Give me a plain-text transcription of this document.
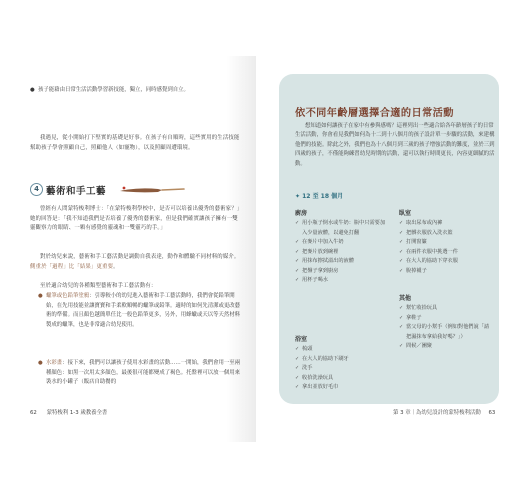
● 孩子能藉由日常生活活動學習新技能，獨立，同時感覺到自立。

我遇見，從小開始打下堅實的基礎是好事。在孩子有自順時，這些實用的生活技能幫助孩子學會照顧自己，照顧他人（如寵物），以及照顧周遭環境。

4 藝術和手工藝

曾經有人問蒙特梭利博士：「在蒙特梭利學校中，是否可以培養出優秀的藝術家？」她的回答是：「我不知道我們是否培養了優秀的藝術家，但是我們確實讓孩子擁有一雙靈觀察力的眼睛、一顆有感覺的靈魂和一雙靈巧的手。」

對於幼兒來說，藝術和手工藝活動是調動自我表達，動作和體驗不同材料的媒介。側重於「過程」比「結果」更重要。

至於適合幼兒的各種類型藝術和手工藝活動有：

● 蠟筆或色鉛筆塗鴉：引導較小的幼兒進入藝術和手工藝活動時，我們會從鉛筆開始，在先用技能並讓寶寶和手柔軟順暢的蠟筆或鉛筆。適時的如何先清潔或更改藝術的準備。而且顏色越簡單任比一般色鉛筆更多，另外，用蜂蠟或天以等天然材料製成的蠟筆，也是非常適合幼兒使用。
● 水彩畫：接下來，我們可以讓孩子使用水彩畫的活動……一開始，我們會用一至兩種顏色：如黑一次用太多顏色，最後很可能都變成了褐色。托盤裡可以放一個用來裝水的小罐子（飯店自助餐的
62 蒙特梭利 1-3 歲教養全書
依不同年齡層選擇合適的日常活動

想知道如何讓孩子在家中有參與感嗎？這裡列出一些適合給各年齡層孩子的日常生活活動，你會看見我們如何為十二到十八個月的孩子設計單一步驟的活動，來建構他們的技能。除此之外，我們也為十八個月到三歲的孩子增強活動的難度，並於三到四歲的孩子，不僅能夠練習幼兒時期的活動，還可以執行時間更長，內容更細膩的活動。

✦ 12 至 18 個月
廚房
✓ 用小瓶子倒水或牛奶：瓶中只需要加入少量液體，以避免打翻
✓ 在麥片中加入牛奶
✓ 把麥片放到碗裡
✓ 用抹布擦拭溢出的液體
✓ 把盤子拿到廚房
✓ 用杯子喝水
浴室
✓ 梳頭
✓ 在大人的協助下刷牙
✓ 洗手
✓ 收拾洗澡玩具
✓ 拿出並放好毛巾
臥室
✓ 取出尿布或內褲
✓ 把髒衣服放入洗衣籃
✓ 打開窗簾
✓ 在兩件衣服中挑選一件
✓ 在大人的協助下穿衣服
✓ 脫掉襪子
其他
✓ 幫忙收拾玩具
✓ 拿鞋子
✓ 當父母的小幫手（例如對他們說「請把濕抹布拿給我好嗎？」）
✓ 問候／團聚
第 3 章｜為幼兒設計的蒙特梭利活動 63
